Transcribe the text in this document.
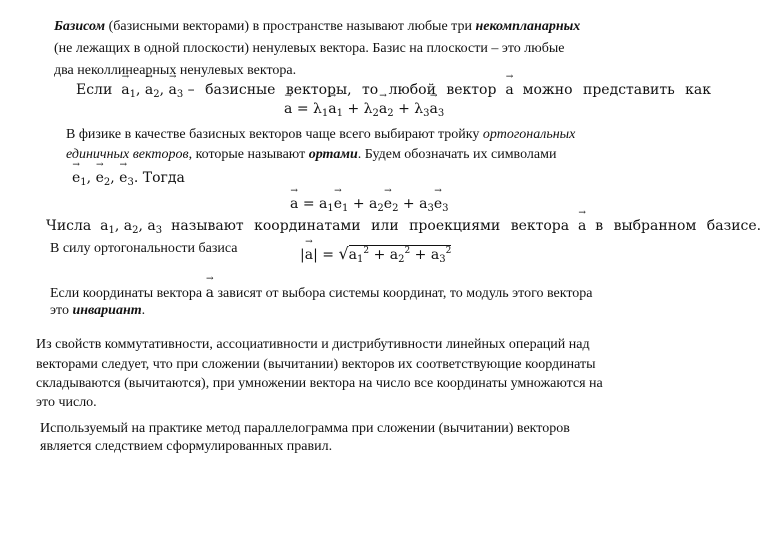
Базисом (базисными векторами) в пространстве называют любые три некомпланарных
(не лежащих в одной плоскости) ненулевых вектора. Базис на плоскости – это любые
два неколлинеарных ненулевых вектора.
Если → $a_1$, → $a_2$, → $a_3$ – базисные векторы, то любой вектор → a можно представить как
→ $a = \lambda_1\to a_1 + \lambda_2\to a_2 + \lambda_3\to a_3$
В физике в качестве базисных векторов чаще всего выбирают тройку ортогональных
единичных векторов, которые называют ортами. Будем обозначать их символами
→ $e_1$, → $e_2$, → $e_3$. Тогда
→ $a = a_1\to e_1 + a_2\to e_2 + a_3\to e_3$
Числа $a_1$, $a_2$, $a_3$ называют координатами или проекциями вектора → a в выбранном базисе.
В силу ортогональности базиса	|→ $a| = √a_1^2 + a_2^2 + a_3^2$
Если координаты вектора → a зависят от выбора системы координат, то модуль этого вектора
это инвариант.
Из свойств коммутативности, ассоциативности и дистрибутивности линейных операций над
векторами следует, что при сложении (вычитании) векторов их соответствующие координаты
складываются (вычитаются), при умножении вектора на число все координаты умножаются на
это число.
Используемый на практике метод параллелограмма при сложении (вычитании) векторов
является следствием сформулированных правил.
